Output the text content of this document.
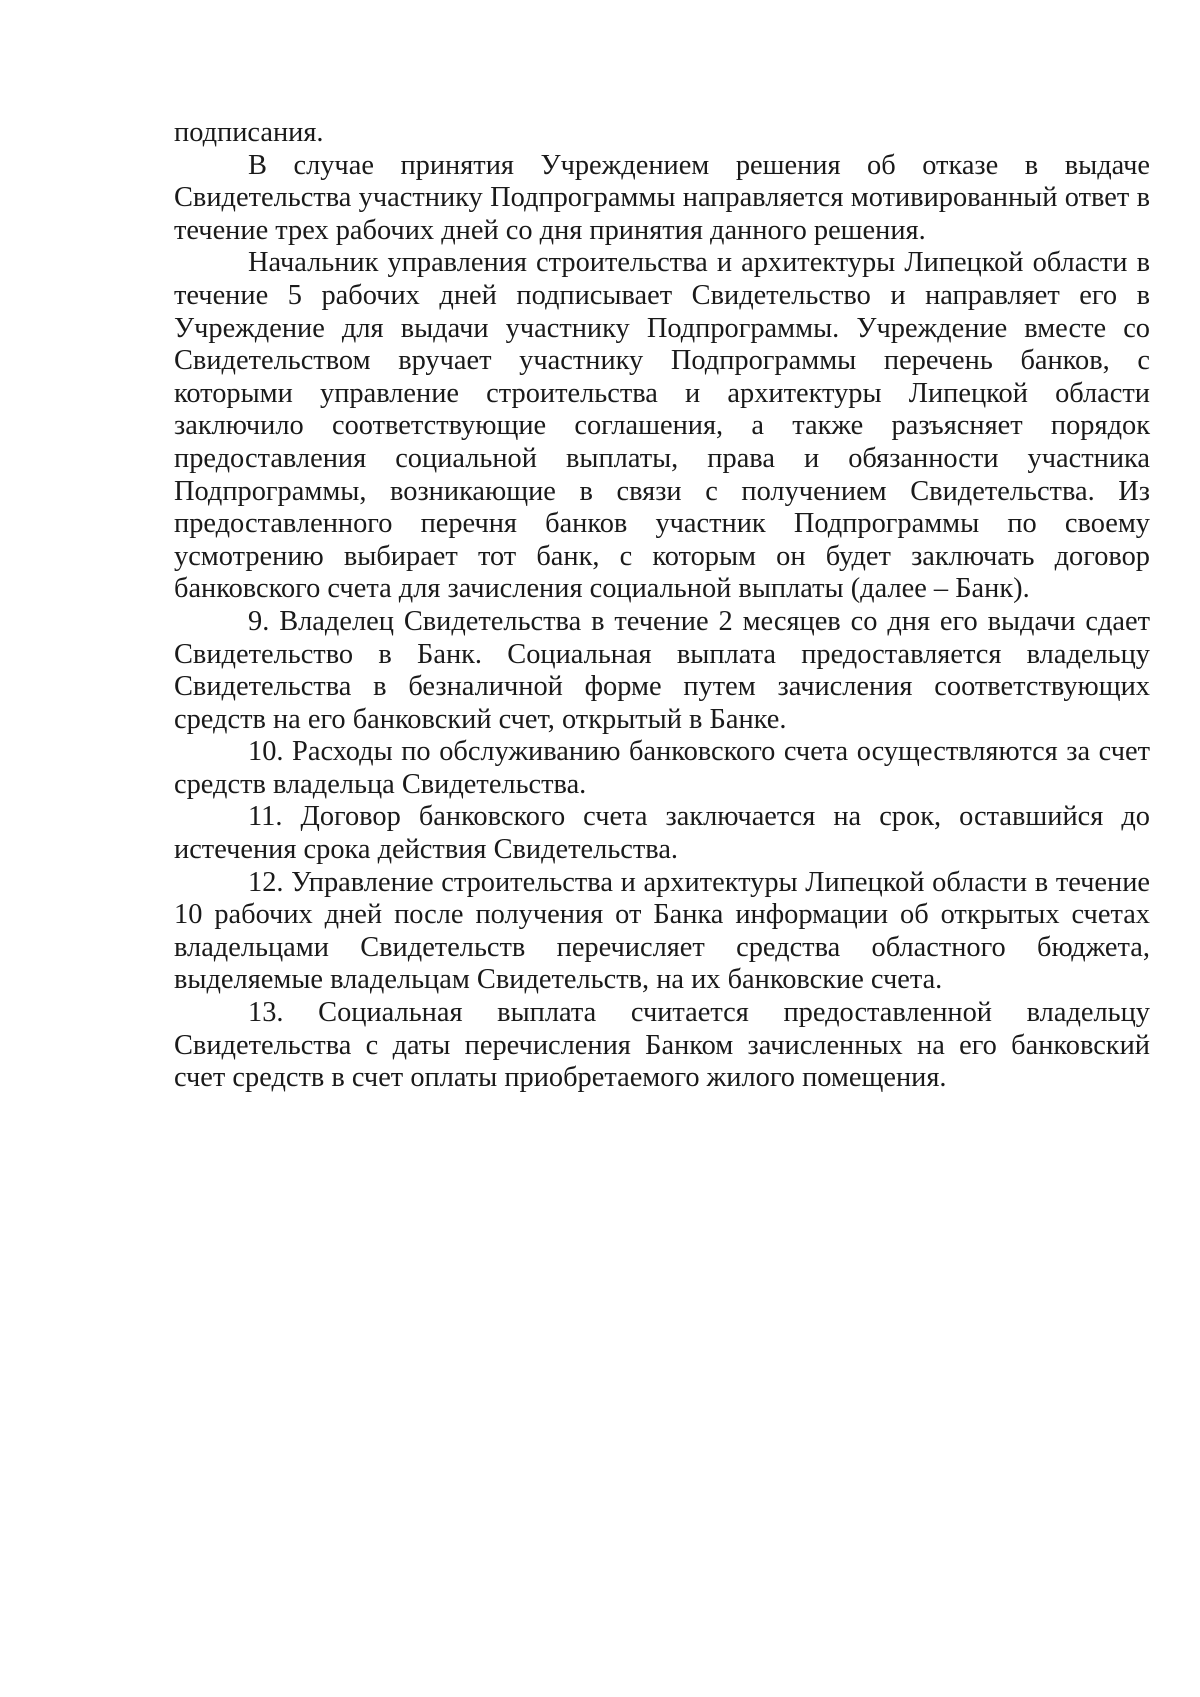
подписания.

В случае принятия Учреждением решения об отказе в выдаче Свидетельства участнику Подпрограммы направляется мотивированный ответ в течение трех рабочих дней со дня принятия данного решения.

Начальник управления строительства и архитектуры Липецкой области в течение 5 рабочих дней подписывает Свидетельство и направляет его в Учреждение для выдачи участнику Подпрограммы. Учреждение вместе со Свидетельством вручает участнику Подпрограммы перечень банков, с которыми управление строительства и архитектуры Липецкой области заключило соответствующие соглашения, а также разъясняет порядок предоставления социальной выплаты, права и обязанности участника Подпрограммы, возникающие в связи с получением Свидетельства. Из предоставленного перечня банков участник Подпрограммы по своему усмотрению выбирает тот банк, с которым он будет заключать договор банковского счета для зачисления социальной выплаты (далее – Банк).

9. Владелец Свидетельства в течение 2 месяцев со дня его выдачи сдает Свидетельство в Банк. Социальная выплата предоставляется владельцу Свидетельства в безналичной форме путем зачисления соответствующих средств на его банковский счет, открытый в Банке.

10. Расходы по обслуживанию банковского счета осуществляются за счет средств владельца Свидетельства.

11. Договор банковского счета заключается на срок, оставшийся до истечения срока действия Свидетельства.

12. Управление строительства и архитектуры Липецкой области в течение 10 рабочих дней после получения от Банка информации об открытых счетах владельцами Свидетельств перечисляет средства областного бюджета, выделяемые владельцам Свидетельств, на их банковские счета.

13. Социальная выплата считается предоставленной владельцу Свидетельства с даты перечисления Банком зачисленных на его банковский счет средств в счет оплаты приобретаемого жилого помещения.
